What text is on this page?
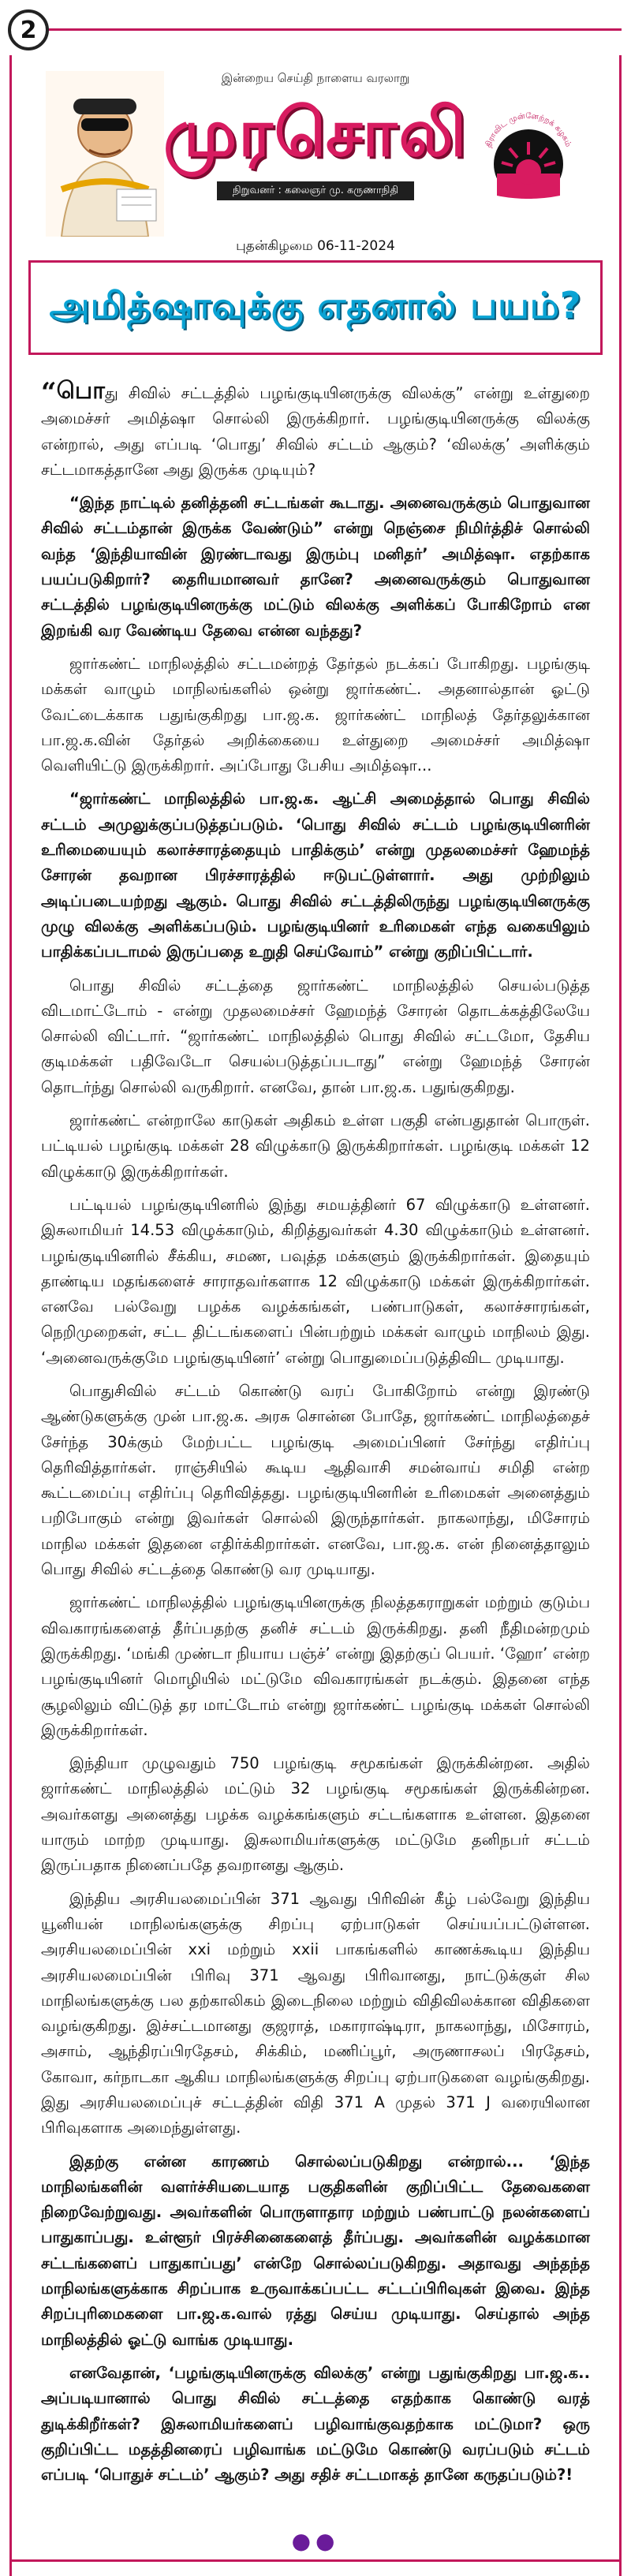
2
இன்றைய செய்தி நாளைய வரலாறு
முரசொலி
நிறுவனர் : கலைஞர் மு. கருணாநிதி
திராவிட முன்னேற்றக் கழகம்
புதன்கிழமை 06-11-2024
அமித்ஷாவுக்கு எதனால் பயம்?

“பொது சிவில் சட்டத்தில் பழங்குடியினருக்கு விலக்கு” என்று உள்துறை அமைச்சர் அமித்ஷா சொல்லி இருக்கிறார். பழங்குடியினருக்கு விலக்கு என்றால், அது எப்படி ‘பொது’ சிவில் சட்டம் ஆகும்? ‘விலக்கு’ அளிக்கும் சட்டமாகத்தானே அது இருக்க முடியும்?

“இந்த நாட்டில் தனித்தனி சட்டங்கள் கூடாது. அனைவருக்கும் பொதுவான சிவில் சட்டம்தான் இருக்க வேண்டும்” என்று நெஞ்சை நிமிர்த்திச் சொல்லி வந்த ‘இந்தியாவின் இரண்டாவது இரும்பு மனிதர்’ அமித்ஷா. எதற்காக பயப்படுகிறார்? தைரியமானவர் தானே? அனைவருக்கும் பொதுவான சட்டத்தில் பழங்குடியினருக்கு மட்டும் விலக்கு அளிக்கப் போகிறோம் என இறங்கி வர வேண்டிய தேவை என்ன வந்தது?

ஜார்கண்ட் மாநிலத்தில் சட்டமன்றத் தேர்தல் நடக்கப் போகிறது. பழங்குடி மக்கள் வாழும் மாநிலங்களில் ஒன்று ஜார்கண்ட். அதனால்தான் ஓட்டு வேட்டைக்காக பதுங்குகிறது பா.ஜ.க. ஜார்கண்ட் மாநிலத் தேர்தலுக்கான பா.ஜ.க.வின் தேர்தல் அறிக்கையை உள்துறை அமைச்சர் அமித்ஷா வெளியிட்டு இருக்கிறார். அப்போது பேசிய அமித்ஷா...

“ஜார்கண்ட் மாநிலத்தில் பா.ஜ.க. ஆட்சி அமைத்தால் பொது சிவில் சட்டம் அமுலுக்குப்படுத்தப்படும். ‘பொது சிவில் சட்டம் பழங்குடியினரின் உரிமையையும் கலாச்சாரத்தையும் பாதிக்கும்’ என்று முதலமைச்சர் ஹேமந்த் சோரன் தவறான பிரச்சாரத்தில் ஈடுபட்டுள்ளார். அது முற்றிலும் அடிப்படையற்றது ஆகும். பொது சிவில் சட்டத்திலிருந்து பழங்குடியினருக்கு முழு விலக்கு அளிக்கப்படும். பழங்குடியினர் உரிமைகள் எந்த வகையிலும் பாதிக்கப்படாமல் இருப்பதை உறுதி செய்வோம்” என்று குறிப்பிட்டார்.

பொது சிவில் சட்டத்தை ஜார்கண்ட் மாநிலத்தில் செயல்படுத்த விடமாட்டோம் - என்று முதலமைச்சர் ஹேமந்த் சோரன் தொடக்கத்திலேயே சொல்லி விட்டார். “ஜார்கண்ட் மாநிலத்தில் பொது சிவில் சட்டமோ, தேசிய குடிமக்கள் பதிவேடோ செயல்படுத்தப்படாது” என்று ஹேமந்த் சோரன் தொடர்ந்து சொல்லி வருகிறார். எனவே, தான் பா.ஜ.க. பதுங்குகிறது.

ஜார்கண்ட் என்றாலே காடுகள் அதிகம் உள்ள பகுதி என்பதுதான் பொருள். பட்டியல் பழங்குடி மக்கள் 28 விழுக்காடு இருக்கிறார்கள். பழங்குடி மக்கள் 12 விழுக்காடு இருக்கிறார்கள்.

பட்டியல் பழங்குடியினரில் இந்து சமயத்தினர் 67 விழுக்காடு உள்ளனர். இசுலாமியர் 14.53 விழுக்காடும், கிறித்துவர்கள் 4.30 விழுக்காடும் உள்ளனர். பழங்குடியினரில் சீக்கிய, சமண, பவுத்த மக்களும் இருக்கிறார்கள். இதையும் தாண்டிய மதங்களைச் சாராதவர்களாக 12 விழுக்காடு மக்கள் இருக்கிறார்கள். எனவே பல்வேறு பழக்க வழக்கங்கள், பண்பாடுகள், கலாச்சாரங்கள், நெறிமுறைகள், சட்ட திட்டங்களைப் பின்பற்றும் மக்கள் வாழும் மாநிலம் இது. ‘அனைவருக்குமே பழங்குடியினர்’ என்று பொதுமைப்படுத்திவிட முடியாது.

பொதுசிவில் சட்டம் கொண்டு வரப் போகிறோம் என்று இரண்டு ஆண்டுகளுக்கு முன் பா.ஜ.க. அரசு சொன்ன போதே, ஜார்கண்ட் மாநிலத்தைச் சேர்ந்த 30க்கும் மேற்பட்ட பழங்குடி அமைப்பினர் சேர்ந்து எதிர்ப்பு தெரிவித்தார்கள். ராஞ்சியில் கூடிய ஆதிவாசி சமன்வாய் சமிதி என்ற கூட்டமைப்பு எதிர்ப்பு தெரிவித்தது. பழங்குடியினரின் உரிமைகள் அனைத்தும் பறிபோகும் என்று இவர்கள் சொல்லி இருந்தார்கள். நாகலாந்து, மிசோரம் மாநில மக்கள் இதனை எதிர்க்கிறார்கள். எனவே, பா.ஜ.க. என் நினைத்தாலும் பொது சிவில் சட்டத்தை கொண்டு வர முடியாது.

ஜார்கண்ட் மாநிலத்தில் பழங்குடியினருக்கு நிலத்தகராறுகள் மற்றும் குடும்ப விவகாரங்களைத் தீர்ப்பதற்கு தனிச் சட்டம் இருக்கிறது. தனி நீதிமன்றமும் இருக்கிறது. ‘மங்கி முண்டா நியாய பஞ்ச்’ என்று இதற்குப் பெயர். ‘ஹோ’ என்ற பழங்குடியினர் மொழியில் மட்டுமே விவகாரங்கள் நடக்கும். இதனை எந்த சூழலிலும் விட்டுத் தர மாட்டோம் என்று ஜார்கண்ட் பழங்குடி மக்கள் சொல்லி இருக்கிறார்கள்.

இந்தியா முழுவதும் 750 பழங்குடி சமூகங்கள் இருக்கின்றன. அதில் ஜார்கண்ட் மாநிலத்தில் மட்டும் 32 பழங்குடி சமூகங்கள் இருக்கின்றன. அவர்களது அனைத்து பழக்க வழக்கங்களும் சட்டங்களாக உள்ளன. இதனை யாரும் மாற்ற முடியாது. இசுலாமியர்களுக்கு மட்டுமே தனிநபர் சட்டம் இருப்பதாக நினைப்பதே தவறானது ஆகும்.

இந்திய அரசியலமைப்பின் 371 ஆவது பிரிவின் கீழ் பல்வேறு இந்திய யூனியன் மாநிலங்களுக்கு சிறப்பு ஏற்பாடுகள் செய்யப்பட்டுள்ளன. அரசியலமைப்பின் xxi மற்றும் xxii பாகங்களில் காணக்கூடிய இந்திய அரசியலமைப்பின் பிரிவு 371 ஆவது பிரிவானது, நாட்டுக்குள் சில மாநிலங்களுக்கு பல தற்காலிகம் இடைநிலை மற்றும் விதிவிலக்கான விதிகளை வழங்குகிறது. இச்சட்டமானது குஜராத், மகாராஷ்டிரா, நாகலாந்து, மிசோரம், அசாம், ஆந்திரப்பிரதேசம், சிக்கிம், மணிப்பூர், அருணாசலப் பிரதேசம், கோவா, கர்நாடகா ஆகிய மாநிலங்களுக்கு சிறப்பு ஏற்பாடுகளை வழங்குகிறது. இது அரசியலமைப்புச் சட்டத்தின் விதி 371 A முதல் 371 J வரையிலான பிரிவுகளாக அமைந்துள்ளது.

இதற்கு என்ன காரணம் சொல்லப்படுகிறது என்றால்... ‘இந்த மாநிலங்களின் வளர்ச்சியடையாத பகுதிகளின் குறிப்பிட்ட தேவைகளை நிறைவேற்றுவது. அவர்களின் பொருளாதார மற்றும் பண்பாட்டு நலன்களைப் பாதுகாப்பது. உள்ளூர் பிரச்சினைகளைத் தீர்ப்பது. அவர்களின் வழக்கமான சட்டங்களைப் பாதுகாப்பது’ என்றே சொல்லப்படுகிறது. அதாவது அந்தந்த மாநிலங்களுக்காக சிறப்பாக உருவாக்கப்பட்ட சட்டப்பிரிவுகள் இவை. இந்த சிறப்புரிமைகளை பா.ஜ.க.வால் ரத்து செய்ய முடியாது. செய்தால் அந்த மாநிலத்தில் ஓட்டு வாங்க முடியாது.

எனவேதான், ‘பழங்குடியினருக்கு விலக்கு’ என்று பதுங்குகிறது பா.ஜ.க.. அப்படியானால் பொது சிவில் சட்டத்தை எதற்காக கொண்டு வரத் துடிக்கிறீர்கள்? இசுலாமியர்களைப் பழிவாங்குவதற்காக மட்டுமா? ஒரு குறிப்பிட்ட மதத்தினரைப் பழிவாங்க மட்டுமே கொண்டு வரப்படும் சட்டம் எப்படி ‘பொதுச் சட்டம்’ ஆகும்? அது சதிச் சட்டமாகத் தானே கருதப்படும்?!

●●
